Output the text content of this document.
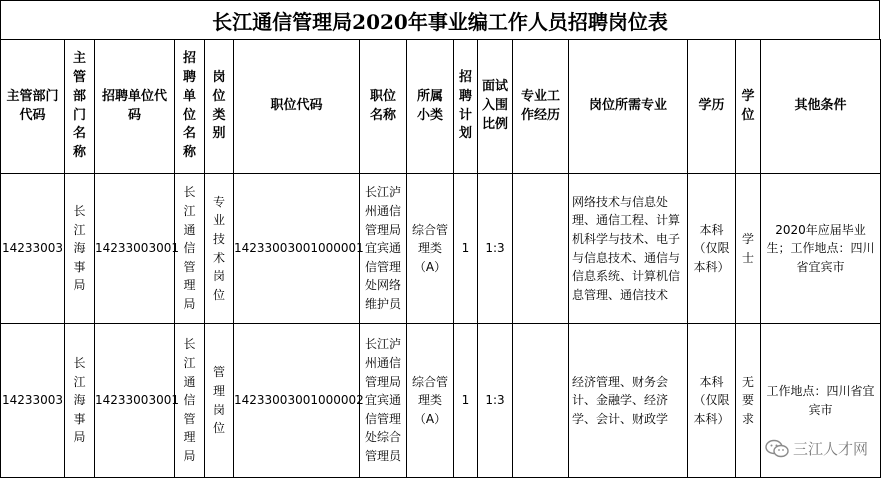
长江通信管理局2020年事业编工作人员招聘岗位表
主管部门代码	主管部门名称	招聘单位代码	招聘单位名称	岗位类别	职位代码	职位名称	所属小类	招聘计划	面试入围比例	专业工作经历	岗位所需专业	学历	学位	其他条件

14233003	长江海事局	14233003001	长江通信管理局	专业技术岗位	14233003001000001	长江泸州通信管理局宜宾通信管理处网络维护员	综合管理类（A）	1	1:3		网络技术与信息处理、通信工程、计算机科学与技术、电子与信息技术、通信与信息系统、计算机信息管理、通信技术	本科（仅限本科）	学士	2020年应届毕业生；工作地点：四川省宜宾市

14233003	长江海事局	14233003001	长江通信管理局	管理岗位	14233003001000002	长江泸州通信管理局宜宾通信管理处综合管理员	综合管理类（A）	1	1:3		经济管理、财务会计、金融学、经济学、会计、财政学	本科（仅限本科）	无要求	工作地点：四川省宜宾市
三江人才网
